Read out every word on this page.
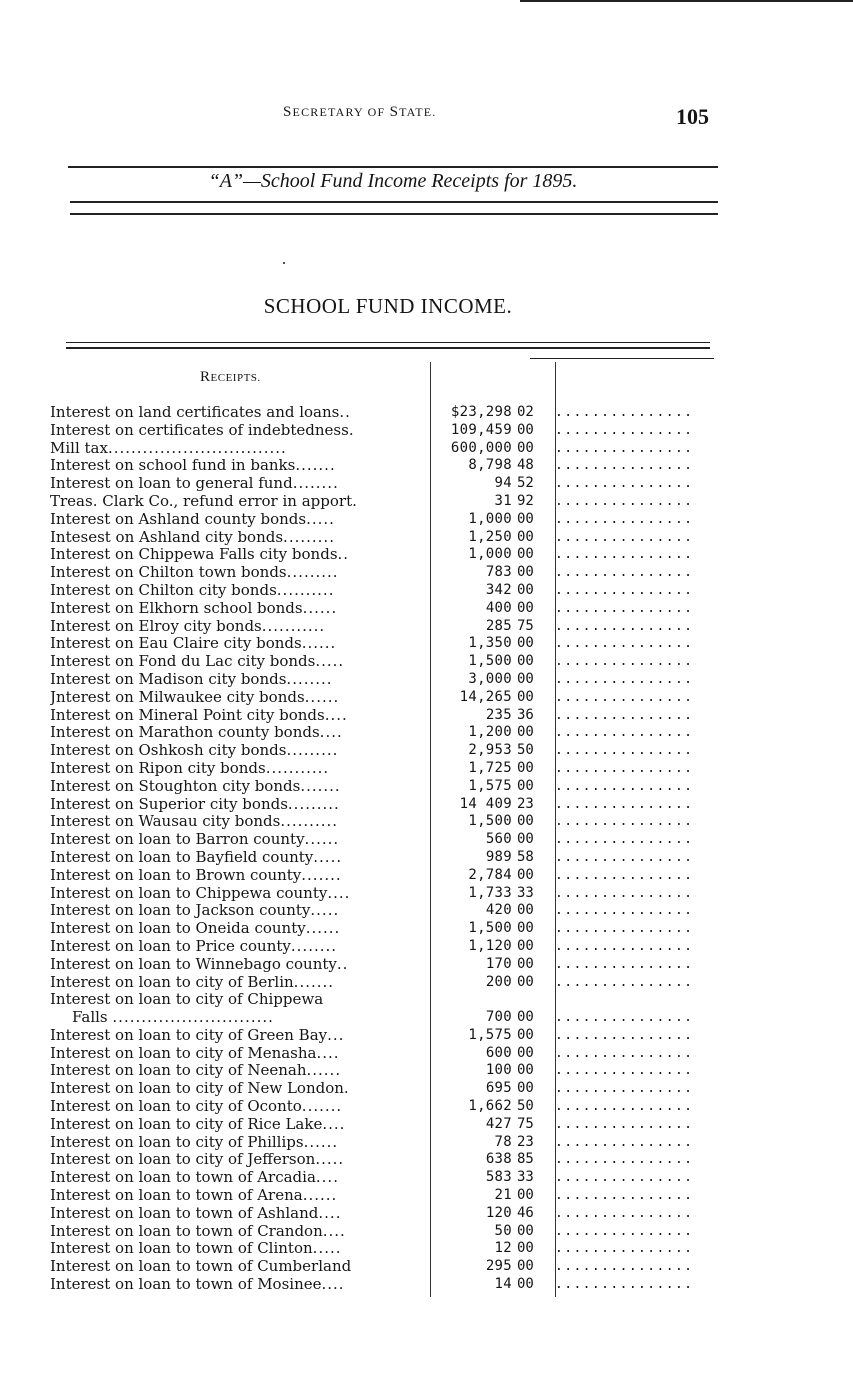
SECRETARY OF STATE.	105
“A”—School Fund Income Receipts for 1895.
SCHOOL FUND INCOME.
RECEIPTS.
Interest on land certificates and loans..	$23,298 02 ...............
Interest on certificates of indebtedness.	109,459 00 ...............
Mill tax...............................	600,000 00 ...............
Interest on school fund in banks.......	8,798 48 ...............
Interest on loan to general fund........	94 52 ...............
Treas. Clark Co., refund error in apport.	31 92 ...............
Interest on Ashland county bonds.....	1,000 00 ...............
Intesest on Ashland city bonds.........	1,250 00 ...............
Interest on Chippewa Falls city bonds..	1,000 00 ...............
Interest on Chilton town bonds.........	783 00 ...............
Interest on Chilton city bonds..........	342 00 ...............
Interest on Elkhorn school bonds......	400 00 ...............
Interest on Elroy city bonds...........	285 75 ...............
Interest on Eau Claire city bonds......	1,350 00 ...............
Interest on Fond du Lac city bonds.....	1,500 00 ...............
Interest on Madison city bonds........	3,000 00 ...............
Jnterest on Milwaukee city bonds......	14,265 00 ...............
Interest on Mineral Point city bonds....	235 36 ...............
Interest on Marathon county bonds....	1,200 00 ...............
Interest on Oshkosh city bonds.........	2,953 50 ...............
Interest on Ripon city bonds...........	1,725 00 ...............
Interest on Stoughton city bonds.......	1,575 00 ...............
Interest on Superior city bonds.........	14 409 23 ...............
Interest on Wausau city bonds..........	1,500 00 ...............
Interest on loan to Barron county......	560 00 ...............
Interest on loan to Bayfield county.....	989 58 ...............
Interest on loan to Brown county.......	2,784 00 ...............
Interest on loan to Chippewa county....	1,733 33 ...............
Interest on loan to Jackson county.....	420 00 ...............
Interest on loan to Oneida county......	1,500 00 ...............
Interest on loan to Price county........	1,120 00 ...............
Interest on loan to Winnebago county..	170 00 ...............
Interest on loan to city of Berlin.......	200 00 ...............
Interest on loan to city of Chippewa
Falls ............................	700 00 ...............
Interest on loan to city of Green Bay...	1,575 00 ...............
Interest on loan to city of Menasha....	600 00 ...............
Interest on loan to city of Neenah......	100 00 ...............
Interest on loan to city of New London.	695 00 ...............
Interest on loan to city of Oconto.......	1,662 50 ...............
Interest on loan to city of Rice Lake....	427 75 ...............
Interest on loan to city of Phillips......	78 23 ...............
Interest on loan to city of Jefferson.....	638 85 ...............
Interest on loan to town of Arcadia....	583 33 ...............
Interest on loan to town of Arena......	21 00 ...............
Interest on loan to town of Ashland....	120 46 ...............
Interest on loan to town of Crandon....	50 00 ...............
Interest on loan to town of Clinton.....	12 00 ...............
Interest on loan to town of Cumberland	295 00 ...............
Interest on loan to town of Mosinee....	14 00 ...............
